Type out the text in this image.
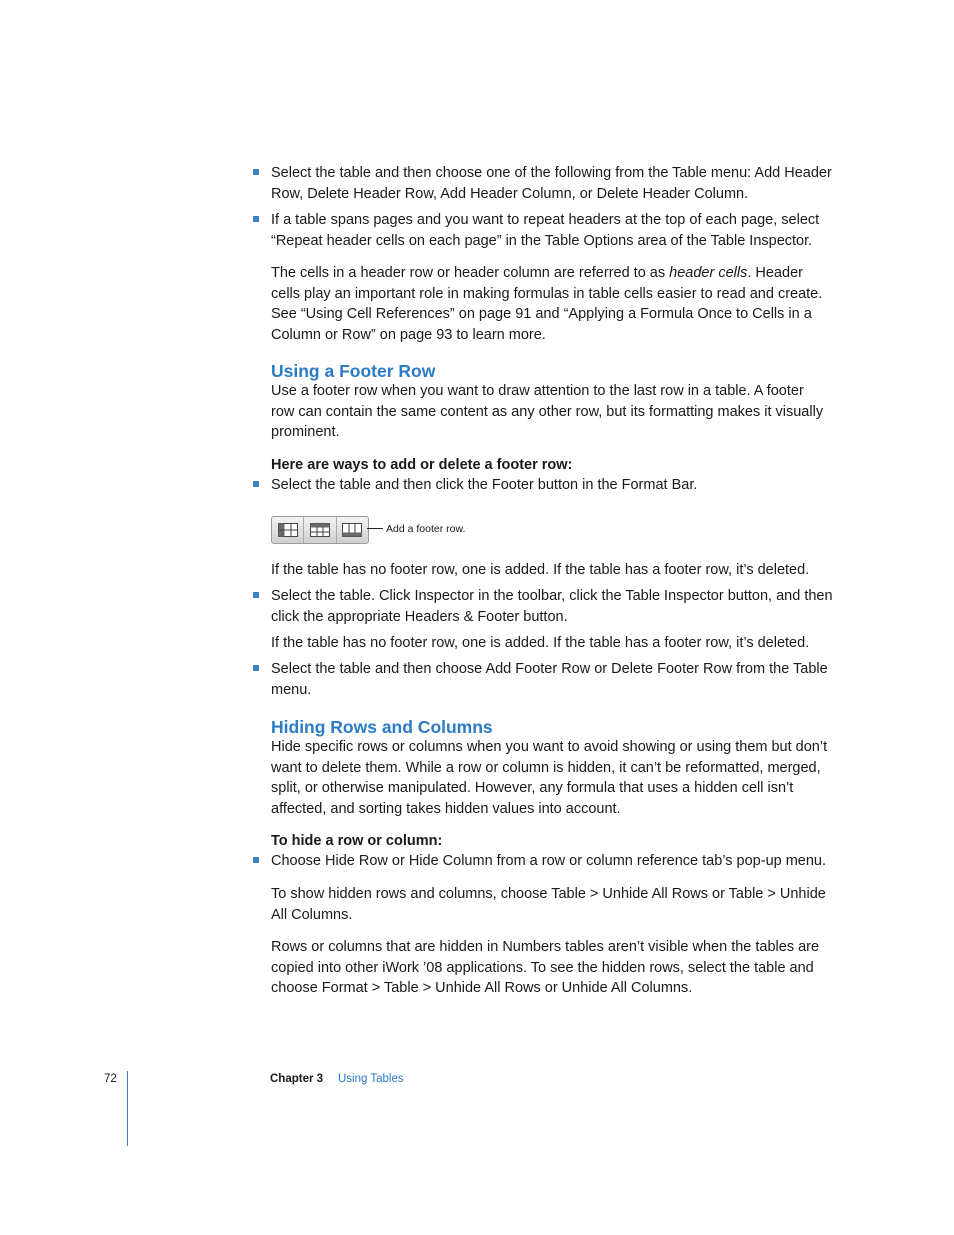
Select the table and then choose one of the following from the Table menu: Add Header Row, Delete Header Row, Add Header Column, or Delete Header Column.
If a table spans pages and you want to repeat headers at the top of each page, select “Repeat header cells on each page” in the Table Options area of the Table Inspector.

The cells in a header row or header column are referred to as header cells. Header cells play an important role in making formulas in table cells easier to read and create. See “Using Cell References” on page 91 and “Applying a Formula Once to Cells in a Column or Row” on page 93 to learn more.

Using a Footer Row

Use a footer row when you want to draw attention to the last row in a table. A footer row can contain the same content as any other row, but its formatting makes it visually prominent.

Here are ways to add or delete a footer row:
Select the table and then click the Footer button in the Format Bar.
Add a footer row.

If the table has no footer row, one is added. If the table has a footer row, it’s deleted.

Select the table. Click Inspector in the toolbar, click the Table Inspector button, and then click the appropriate Headers & Footer button.

If the table has no footer row, one is added. If the table has a footer row, it’s deleted.

Select the table and then choose Add Footer Row or Delete Footer Row from the Table menu.
Hiding Rows and Columns

Hide specific rows or columns when you want to avoid showing or using them but don’t want to delete them. While a row or column is hidden, it can’t be reformatted, merged, split, or otherwise manipulated. However, any formula that uses a hidden cell isn’t affected, and sorting takes hidden values into account.

To hide a row or column:
Choose Hide Row or Hide Column from a row or column reference tab’s pop-up menu.

To show hidden rows and columns, choose Table > Unhide All Rows or Table > Unhide All Columns.

Rows or columns that are hidden in Numbers tables aren’t visible when the tables are copied into other iWork ’08 applications. To see the hidden rows, select the table and choose Format > Table > Unhide All Rows or Unhide All Columns.

72	Chapter 3 Using Tables
